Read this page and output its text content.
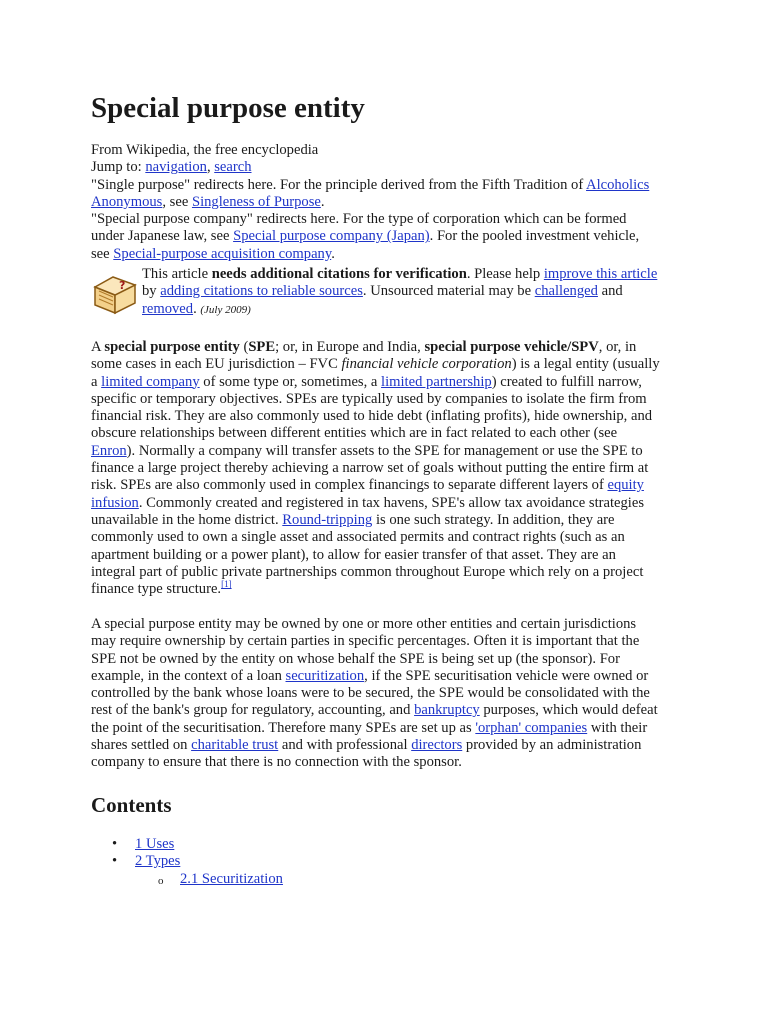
Special purpose entity
From Wikipedia, the free encyclopedia
Jump to: navigation, search
"Single purpose" redirects here. For the principle derived from the Fifth Tradition of Alcoholics
Anonymous, see Singleness of Purpose.
"Special purpose company" redirects here. For the type of corporation which can be formed
under Japanese law, see Special purpose company (Japan). For the pooled investment vehicle,
see Special-purpose acquisition company.
?
This article needs additional citations for verification. Please help improve this article
by adding citations to reliable sources. Unsourced material may be challenged and
removed. (July 2009)
A special purpose entity (SPE; or, in Europe and India, special purpose vehicle/SPV, or, in
some cases in each EU jurisdiction – FVC financial vehicle corporation) is a legal entity (usually
a limited company of some type or, sometimes, a limited partnership) created to fulfill narrow,
specific or temporary objectives. SPEs are typically used by companies to isolate the firm from
financial risk. They are also commonly used to hide debt (inflating profits), hide ownership, and
obscure relationships between different entities which are in fact related to each other (see
Enron). Normally a company will transfer assets to the SPE for management or use the SPE to
finance a large project thereby achieving a narrow set of goals without putting the entire firm at
risk. SPEs are also commonly used in complex financings to separate different layers of equity
infusion. Commonly created and registered in tax havens, SPE's allow tax avoidance strategies
unavailable in the home district. Round-tripping is one such strategy. In addition, they are
commonly used to own a single asset and associated permits and contract rights (such as an
apartment building or a power plant), to allow for easier transfer of that asset. They are an
integral part of public private partnerships common throughout Europe which rely on a project
finance type structure.[1]
A special purpose entity may be owned by one or more other entities and certain jurisdictions
may require ownership by certain parties in specific percentages. Often it is important that the
SPE not be owned by the entity on whose behalf the SPE is being set up (the sponsor). For
example, in the context of a loan securitization, if the SPE securitisation vehicle were owned or
controlled by the bank whose loans were to be secured, the SPE would be consolidated with the
rest of the bank's group for regulatory, accounting, and bankruptcy purposes, which would defeat
the point of the securitisation. Therefore many SPEs are set up as 'orphan' companies with their
shares settled on charitable trust and with professional directors provided by an administration
company to ensure that there is no connection with the sponsor.
Contents
• 1 Uses
• 2 Types
o 2.1 Securitization
